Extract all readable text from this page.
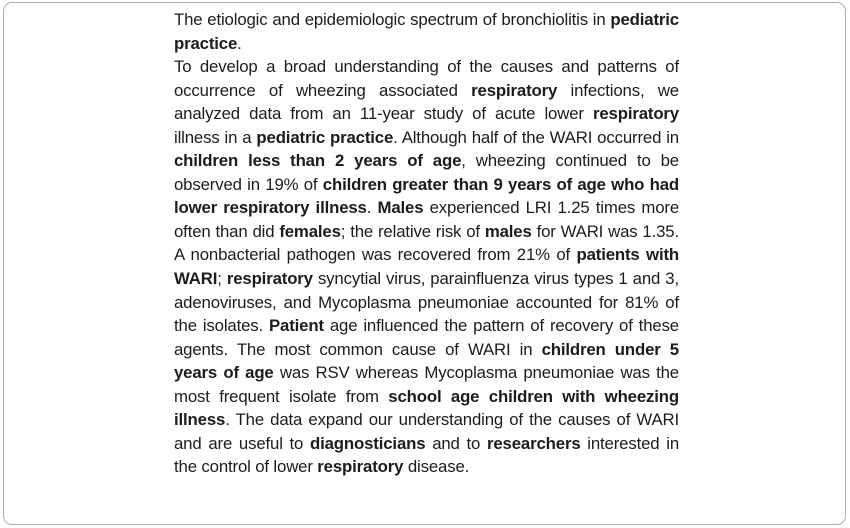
The etiologic and epidemiologic spectrum of bronchiolitis in pediatric practice.

To develop a broad understanding of the causes and patterns of occurrence of wheezing associated respiratory infections, we analyzed data from an 11-year study of acute lower respiratory illness in a pediatric practice. Although half of the WARI occurred in children less than 2 years of age, wheezing continued to be observed in 19% of children greater than 9 years of age who had lower respiratory illness. Males experienced LRI 1.25 times more often than did females; the relative risk of males for WARI was 1.35. A nonbacterial pathogen was recovered from 21% of patients with WARI; respiratory syncytial virus, parainfluenza virus types 1 and 3, adenoviruses, and Mycoplasma pneumoniae accounted for 81% of the isolates. Patient age influenced the pattern of recovery of these agents. The most common cause of WARI in children under 5 years of age was RSV whereas Mycoplasma pneumoniae was the most frequent isolate from school age children with wheezing illness. The data expand our understanding of the causes of WARI and are useful to diagnosticians and to researchers interested in the control of lower respiratory disease.
